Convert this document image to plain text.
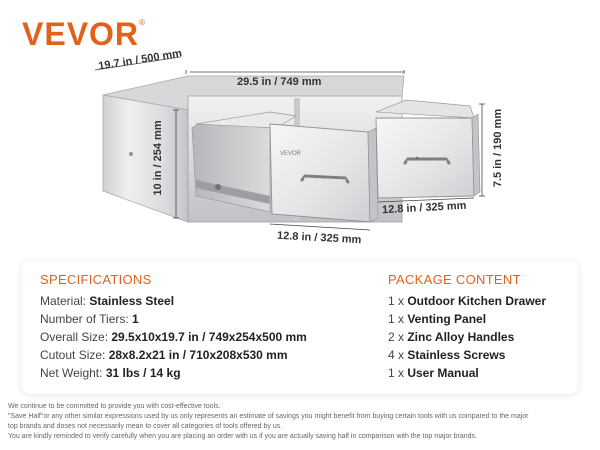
VEVOR®
VEVOR
19.7 in / 500 mm
29.5 in / 749 mm
10 in / 254 mm	7.5 in / 190 mm
12.8 in / 325 mm
12.8 in / 325 mm
SPECIFICATIONS
Material: Stainless Steel
Number of Tiers: 1
Overall Size: 29.5x10x19.7 in / 749x254x500 mm
Cutout Size: 28x8.2x21 in / 710x208x530 mm
Net Weight: 31 lbs / 14 kg
PACKAGE CONTENT
1 x Outdoor Kitchen Drawer
1 x Venting Panel
2 x Zinc Alloy Handles
4 x Stainless Screws
1 x User Manual
We continue to be committed to provide you with cost-effective tools.
"Save Half"or any other similar expressions used by us only represents an estimate of savings you might benefit from buying certain tools with us compared to the major
top brands and doses not necessarily mean to cover all categories of tools offered by us.
You are kindly reminded to verify carefully when you are placing an order with us if you are actually saving half in comparison with the top major brands.
